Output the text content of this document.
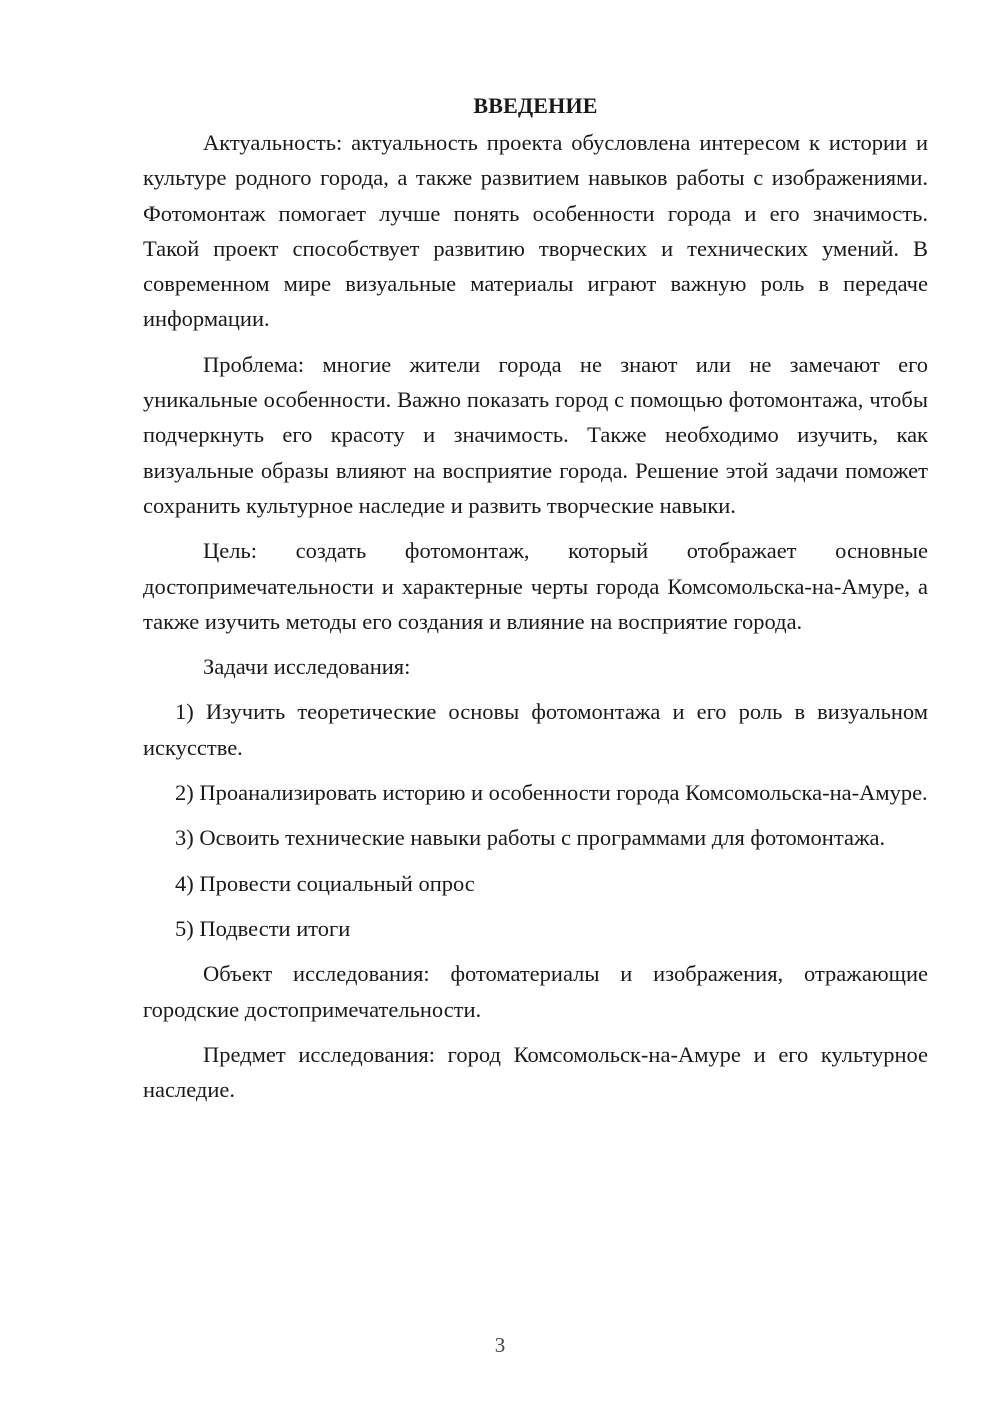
ВВЕДЕНИЕ

Актуальность: актуальность проекта обусловлена интересом к истории и культуре родного города, а также развитием навыков работы с изображениями. Фотомонтаж помогает лучше понять особенности города и его значимость. Такой проект способствует развитию творческих и технических умений. В современном мире визуальные материалы играют важную роль в передаче информации.

Проблема: многие жители города не знают или не замечают его уникальные особенности. Важно показать город с помощью фотомонтажа, чтобы подчеркнуть его красоту и значимость. Также необходимо изучить, как визуальные образы влияют на восприятие города. Решение этой задачи поможет сохранить культурное наследие и развить творческие навыки.

Цель: создать фотомонтаж, который отображает основные достопримечательности и характерные черты города Комсомольска-на-Амуре, а также изучить методы его создания и влияние на восприятие города.

Задачи исследования:

1) Изучить теоретические основы фотомонтажа и его роль в визуальном искусстве.

2) Проанализировать историю и особенности города Комсомольска-на-Амуре.

3) Освоить технические навыки работы с программами для фотомонтажа.

4) Провести социальный опрос

5) Подвести итоги

Объект исследования: фотоматериалы и изображения, отражающие городские достопримечательности.

Предмет исследования: город Комсомольск-на-Амуре и его культурное наследие.

3
